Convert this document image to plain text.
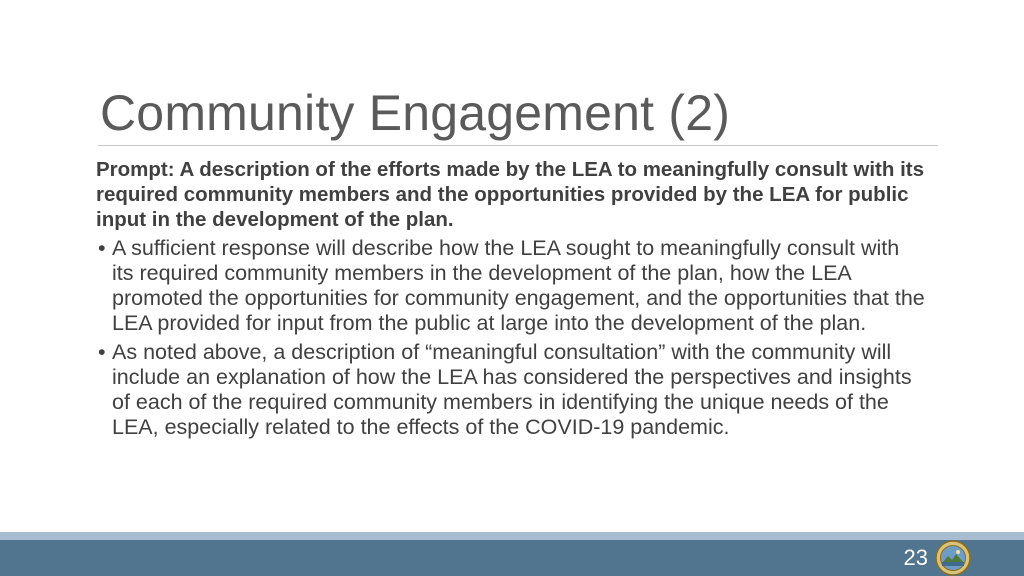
Community Engagement (2)

Prompt: A description of the efforts made by the LEA to meaningfully consult with its required community members and the opportunities provided by the LEA for public input in the development of the plan.

• A sufficient response will describe how the LEA sought to meaningfully consult with its required community members in the development of the plan, how the LEA promoted the opportunities for community engagement, and the opportunities that the LEA provided for input from the public at large into the development of the plan.
• As noted above, a description of “meaningful consultation” with the community will include an explanation of how the LEA has considered the perspectives and insights of each of the required community members in identifying the unique needs of the LEA, especially related to the effects of the COVID-19 pandemic.
23
